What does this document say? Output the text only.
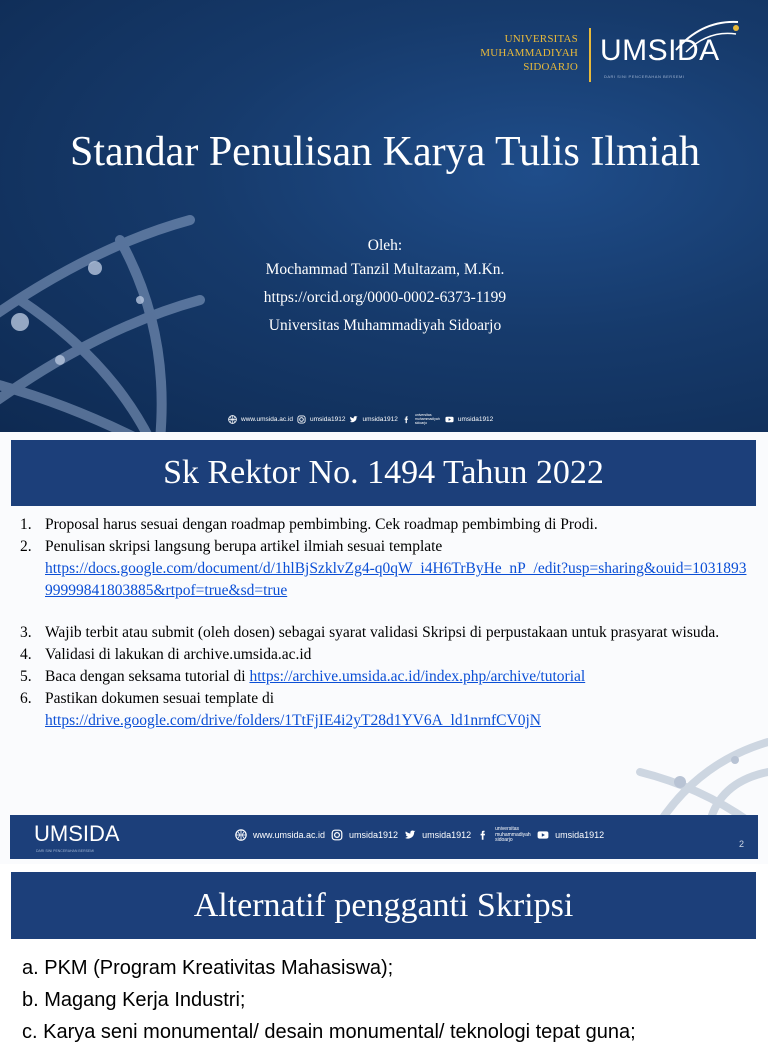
UNIVERSITAS
MUHAMMADIYAH
SIDOARJO UMSIDA
DARI SINI PENCERAHAN BERSEMI
Standar Penulisan Karya Tulis Ilmiah
Oleh:
Mochammad Tanzil Multazam, M.Kn.
https://orcid.org/0000-0002-6373-1199
Universitas Muhammadiyah Sidoarjo
www.umsida.ac.id	umsida1912	umsida1912
universitas muhammadiyah sidoarjo
umsida1912
Sk Rektor No. 1494 Tahun 2022
1. Proposal harus sesuai dengan roadmap pembimbing. Cek roadmap pembimbing di Prodi.
2. Penulisan skripsi langsung berupa artikel ilmiah sesuai template
https://docs.google.com/document/d/1hlBjSzklvZg4-q0qW_i4H6TrByHe_nP_/edit?usp=sharing&ouid=103189399999841803885&rtpof=true&sd=true
3. Wajib terbit atau submit (oleh dosen) sebagai syarat validasi Skripsi di perpustakaan untuk prasyarat wisuda.
4. Validasi di lakukan di archive.umsida.ac.id
5. Baca dengan seksama tutorial di https://archive.umsida.ac.id/index.php/archive/tutorial
6. Pastikan dokumen sesuai template di
https://drive.google.com/drive/folders/1TtFjIE4i2yT28d1YV6A_ld1nrnfCV0jN
UMSIDA
DARI SINI PENCERAHAN BERSEMI
www.umsida.ac.id	umsida1912	umsida1912
universitas muhammadiyah sidoarjo	umsida1912
2
Alternatif pengganti Skripsi
a. PKM (Program Kreativitas Mahasiswa);
b. Magang Kerja Industri;
c. Karya seni monumental/ desain monumental/ teknologi tepat guna;
